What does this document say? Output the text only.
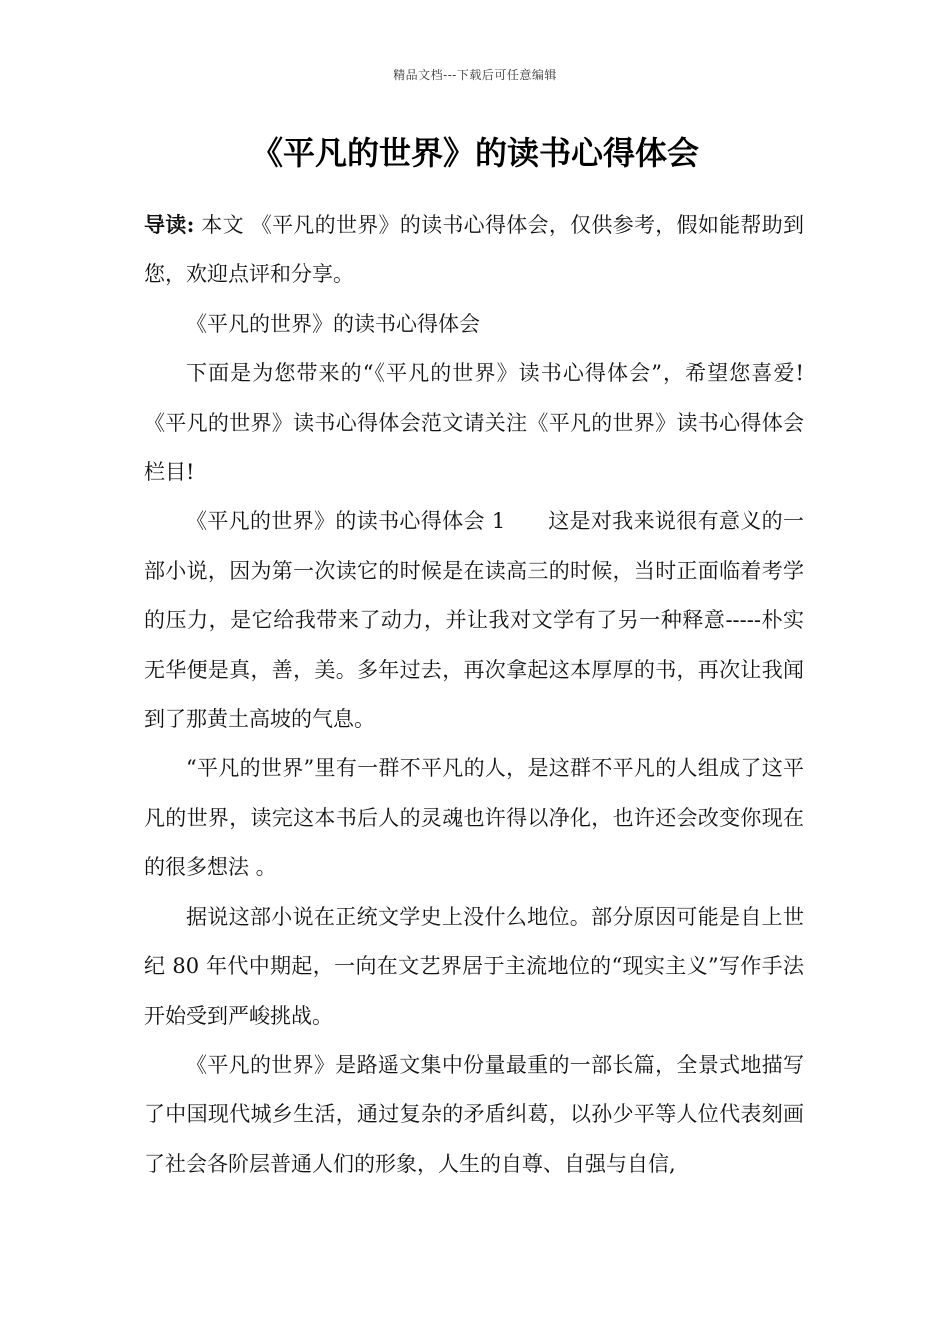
精品文档---下载后可任意编辑
《平凡的世界》的读书心得体会

导读: 本文 《平凡的世界》的读书心得体会，仅供参考，假如能帮助到您，欢迎点评和分享。

《平凡的世界》的读书心得体会

下面是为您带来的“《平凡的世界》读书心得体会”，希望您喜爱! 《平凡的世界》读书心得体会范文请关注《平凡的世界》读书心得体会栏目!

《平凡的世界》的读书心得体会 1　　这是对我来说很有意义的一部小说，因为第一次读它的时候是在读高三的时候，当时正面临着考学的压力，是它给我带来了动力，并让我对文学有了另一种释意-----朴实无华便是真，善，美。多年过去，再次拿起这本厚厚的书，再次让我闻到了那黄土高坡的气息。

“平凡的世界”里有一群不平凡的人，是这群不平凡的人组成了这平凡的世界，读完这本书后人的灵魂也许得以净化，也许还会改变你现在的很多想法 。

据说这部小说在正统文学史上没什么地位。部分原因可能是自上世纪 80 年代中期起，一向在文艺界居于主流地位的“现实主义”写作手法开始受到严峻挑战。

《平凡的世界》是路遥文集中份量最重的一部长篇，全景式地描写了中国现代城乡生活，通过复杂的矛盾纠葛，以孙少平等人位代表刻画了社会各阶层普通人们的形象，人生的自尊、自强与自信,
